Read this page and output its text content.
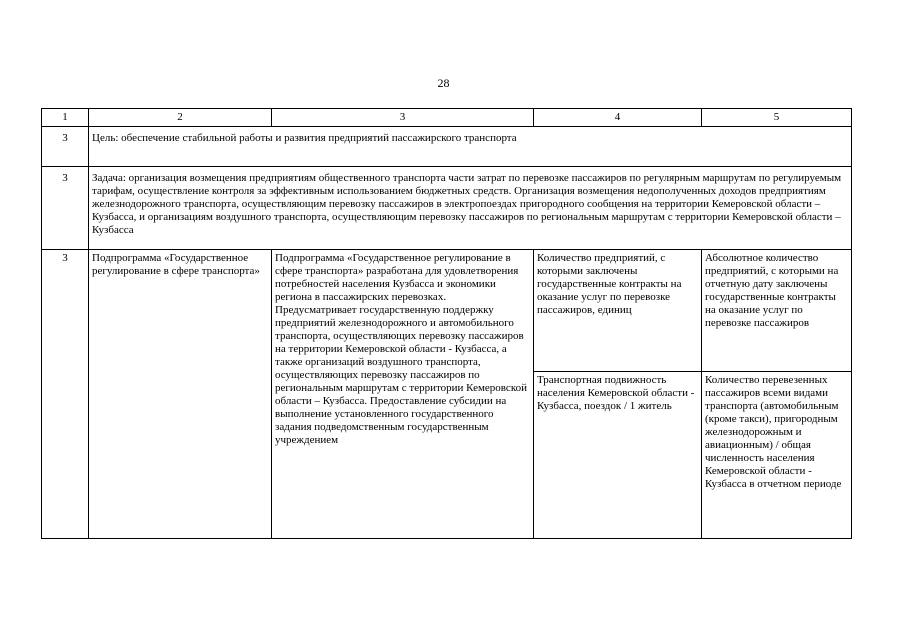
28
1	2	3	4	5
3	Цель: обеспечение стабильной работы и развития предприятий пассажирского транспорта			
3	Задача: организация возмещения предприятиям общественного транспорта части затрат по перевозке пассажиров по регулярным маршрутам по регулируемым тарифам, осуществление контроля за эффективным использованием бюджетных средств. Организация возмещения недополученных доходов предприятиям железнодорожного транспорта, осуществляющим перевозку пассажиров в электропоездах пригородного сообщения на территории Кемеровской области – Кузбасса, и организациям воздушного транспорта, осуществляющим перевозку пассажиров по региональным маршрутам с территории Кемеровской области – Кузбасса			
3	Подпрограмма «Государственное регулирование в сфере транспорта»	Подпрограмма «Государственное регулирование в сфере транспорта» разработана для удовлетворения потребностей населения Кузбасса и экономики региона в пассажирских перевозках. Предусматривает государственную поддержку предприятий железнодорожного и автомобильного транспорта, осуществляющих перевозку пассажиров на территории Кемеровской области - Кузбасса, а также организаций воздушного транспорта, осуществляющих перевозку пассажиров по региональным маршрутам с территории Кемеровской области – Кузбасса. Предоставление субсидии на выполнение установленного государственного задания подведомственным государственным учреждением	Количество предприятий, с которыми заключены государственные контракты на оказание услуг по перевозке пассажиров, единиц	Абсолютное количество предприятий, с которыми на отчетную дату заключены государственные контракты на оказание услуг по перевозке пассажиров
			Транспортная подвижность населения Кемеровской области - Кузбасса, поездок / 1 житель	Количество перевезенных пассажиров всеми видами транспорта (автомобильным (кроме такси), пригородным железнодорожным и авиационным) / общая численность населения Кемеровской области - Кузбасса в отчетном периоде
